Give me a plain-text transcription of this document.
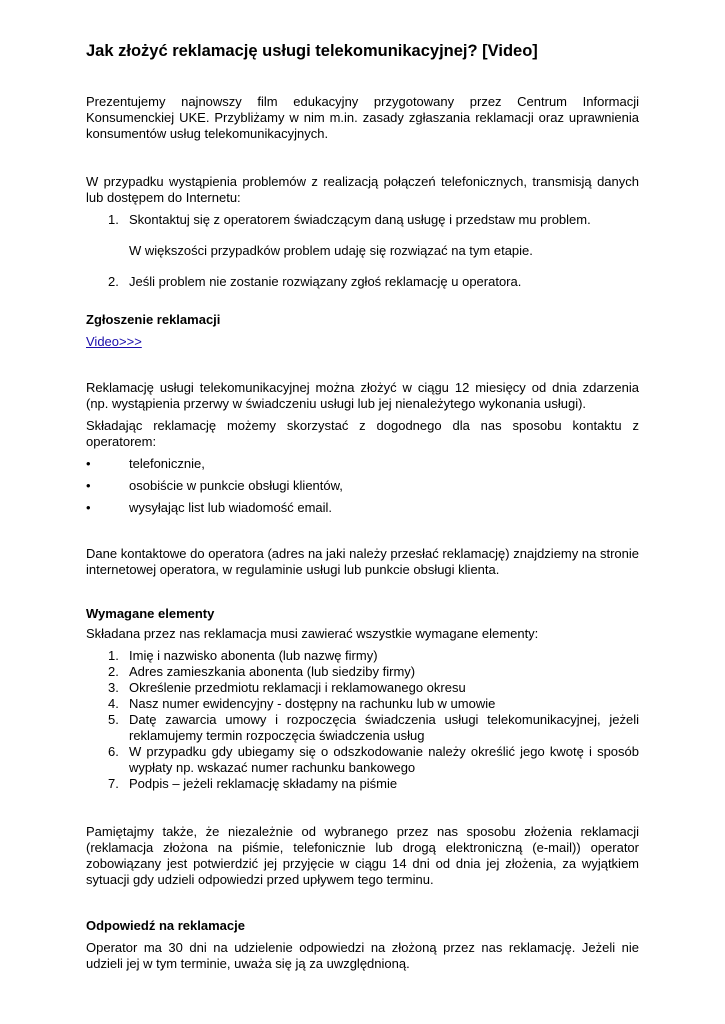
Jak złożyć reklamację usługi telekomunikacyjnej? [Video]

Prezentujemy najnowszy film edukacyjny przygotowany przez Centrum Informacji Konsumenckiej UKE. Przybliżamy w nim m.in. zasady zgłaszania reklamacji oraz uprawnienia konsumentów usług telekomunikacyjnych.

W przypadku wystąpienia problemów z realizacją połączeń telefonicznych, transmisją danych lub dostępem do Internetu:

1. Skontaktuj się z operatorem świadczącym daną usługę i przedstaw mu problem.
W większości przypadków problem udaję się rozwiązać na tym etapie.
2. Jeśli problem nie zostanie rozwiązany zgłoś reklamację u operatora.

Zgłoszenie reklamacji

Video>>>

Reklamację usługi telekomunikacyjnej można złożyć w ciągu 12 miesięcy od dnia zdarzenia (np. wystąpienia przerwy w świadczeniu usługi lub jej nienależytego wykonania usługi).

Składając reklamację możemy skorzystać z dogodnego dla nas sposobu kontaktu z operatorem:

•	telefonicznie,
•	osobiście w punkcie obsługi klientów,
•	wysyłając list lub wiadomość email.

Dane kontaktowe do operatora (adres na jaki należy przesłać reklamację) znajdziemy na stronie internetowej operatora, w regulaminie usługi lub punkcie obsługi klienta.

Wymagane elementy

Składana przez nas reklamacja musi zawierać wszystkie wymagane elementy:

1. Imię i nazwisko abonenta (lub nazwę firmy)
2. Adres zamieszkania abonenta (lub siedziby firmy)
3. Określenie przedmiotu reklamacji i reklamowanego okresu
4. Nasz numer ewidencyjny - dostępny na rachunku lub w umowie
5. Datę zawarcia umowy i rozpoczęcia świadczenia usługi telekomunikacyjnej, jeżeli reklamujemy termin rozpoczęcia świadczenia usług
6. W przypadku gdy ubiegamy się o odszkodowanie należy określić jego kwotę i sposób wypłaty np. wskazać numer rachunku bankowego
7. Podpis – jeżeli reklamację składamy na piśmie

Pamiętajmy także, że niezależnie od wybranego przez nas sposobu złożenia reklamacji (reklamacja złożona na piśmie, telefonicznie lub drogą elektroniczną (e-mail)) operator zobowiązany jest potwierdzić jej przyjęcie w ciągu 14 dni od dnia jej złożenia, za wyjątkiem sytuacji gdy udzieli odpowiedzi przed upływem tego terminu.

Odpowiedź na reklamacje

Operator ma 30 dni na udzielenie odpowiedzi na złożoną przez nas reklamację. Jeżeli nie udzieli jej w tym terminie, uważa się ją za uwzględnioną.
